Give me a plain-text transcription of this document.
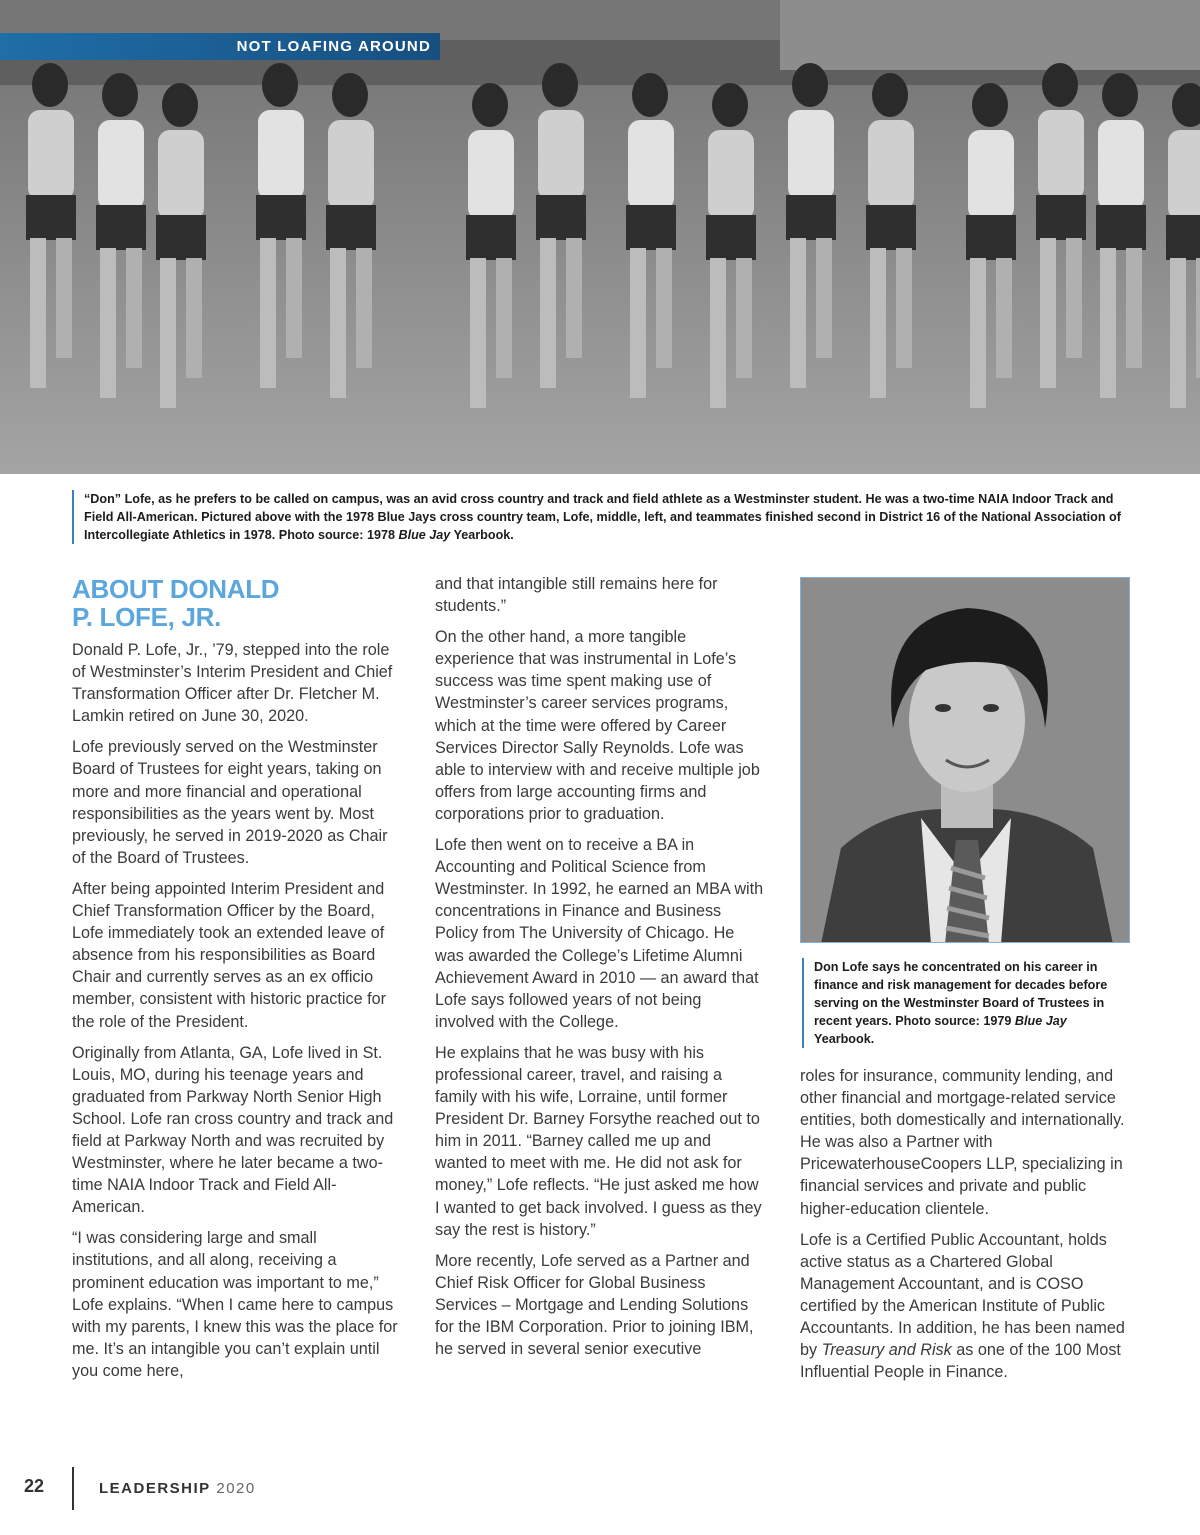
NOT LOAFING AROUND
“Don” Lofe, as he prefers to be called on campus, was an avid cross country and track and field athlete as a Westminster student. He was a two-time NAIA Indoor Track and Field All-American. Pictured above with the 1978 Blue Jays cross country team, Lofe, middle, left, and teammates finished second in District 16 of the National Association of Intercollegiate Athletics in 1978. Photo source: 1978 Blue Jay Yearbook.
ABOUT DONALD
P. LOFE, JR.

Donald P. Lofe, Jr., ’79, stepped into the role of Westminster’s Interim President and Chief Transformation Officer after Dr. Fletcher M. Lamkin retired on June 30, 2020.

Lofe previously served on the Westminster Board of Trustees for eight years, taking on more and more financial and operational responsibilities as the years went by. Most previously, he served in 2019-2020 as Chair of the Board of Trustees.

After being appointed Interim President and Chief Transformation Officer by the Board, Lofe immediately took an extended leave of absence from his responsibilities as Board Chair and currently serves as an ex officio member, consistent with historic practice for the role of the President.

Originally from Atlanta, GA, Lofe lived in St. Louis, MO, during his teenage years and graduated from Parkway North Senior High School. Lofe ran cross country and track and field at Parkway North and was recruited by Westminster, where he later became a two-time NAIA Indoor Track and Field All-American.

“I was considering large and small institutions, and all along, receiving a prominent education was important to me,” Lofe explains. “When I came here to campus with my parents, I knew this was the place for me. It’s an intangible you can’t explain until you come here,

and that intangible still remains here for students.”

On the other hand, a more tangible experience that was instrumental in Lofe’s success was time spent making use of Westminster’s career services programs, which at the time were offered by Career Services Director Sally Reynolds. Lofe was able to interview with and receive multiple job offers from large accounting firms and corporations prior to graduation.

Lofe then went on to receive a BA in Accounting and Political Science from Westminster. In 1992, he earned an MBA with concentrations in Finance and Business Policy from The University of Chicago. He was awarded the College’s Lifetime Alumni Achievement Award in 2010 — an award that Lofe says followed years of not being involved with the College.

He explains that he was busy with his professional career, travel, and raising a family with his wife, Lorraine, until former President Dr. Barney Forsythe reached out to him in 2011. “Barney called me up and wanted to meet with me. He did not ask for money,” Lofe reflects. “He just asked me how I wanted to get back involved. I guess as they say the rest is history.”

More recently, Lofe served as a Partner and Chief Risk Officer for Global Business Services – Mortgage and Lending Solutions for the IBM Corporation. Prior to joining IBM, he served in several senior executive

Don Lofe says he concentrated on his career in finance and risk management for decades before serving on the Westminster Board of Trustees in recent years. Photo source: 1979 Blue Jay Yearbook.

roles for insurance, community lending, and other financial and mortgage-related service entities, both domestically and internationally. He was also a Partner with PricewaterhouseCoopers LLP, specializing in financial services and private and public higher-education clientele.

Lofe is a Certified Public Accountant, holds active status as a Chartered Global Management Accountant, and is COSO certified by the American Institute of Public Accountants. In addition, he has been named by Treasury and Risk as one of the 100 Most Influential People in Finance.

22	LEADERSHIP 2020
